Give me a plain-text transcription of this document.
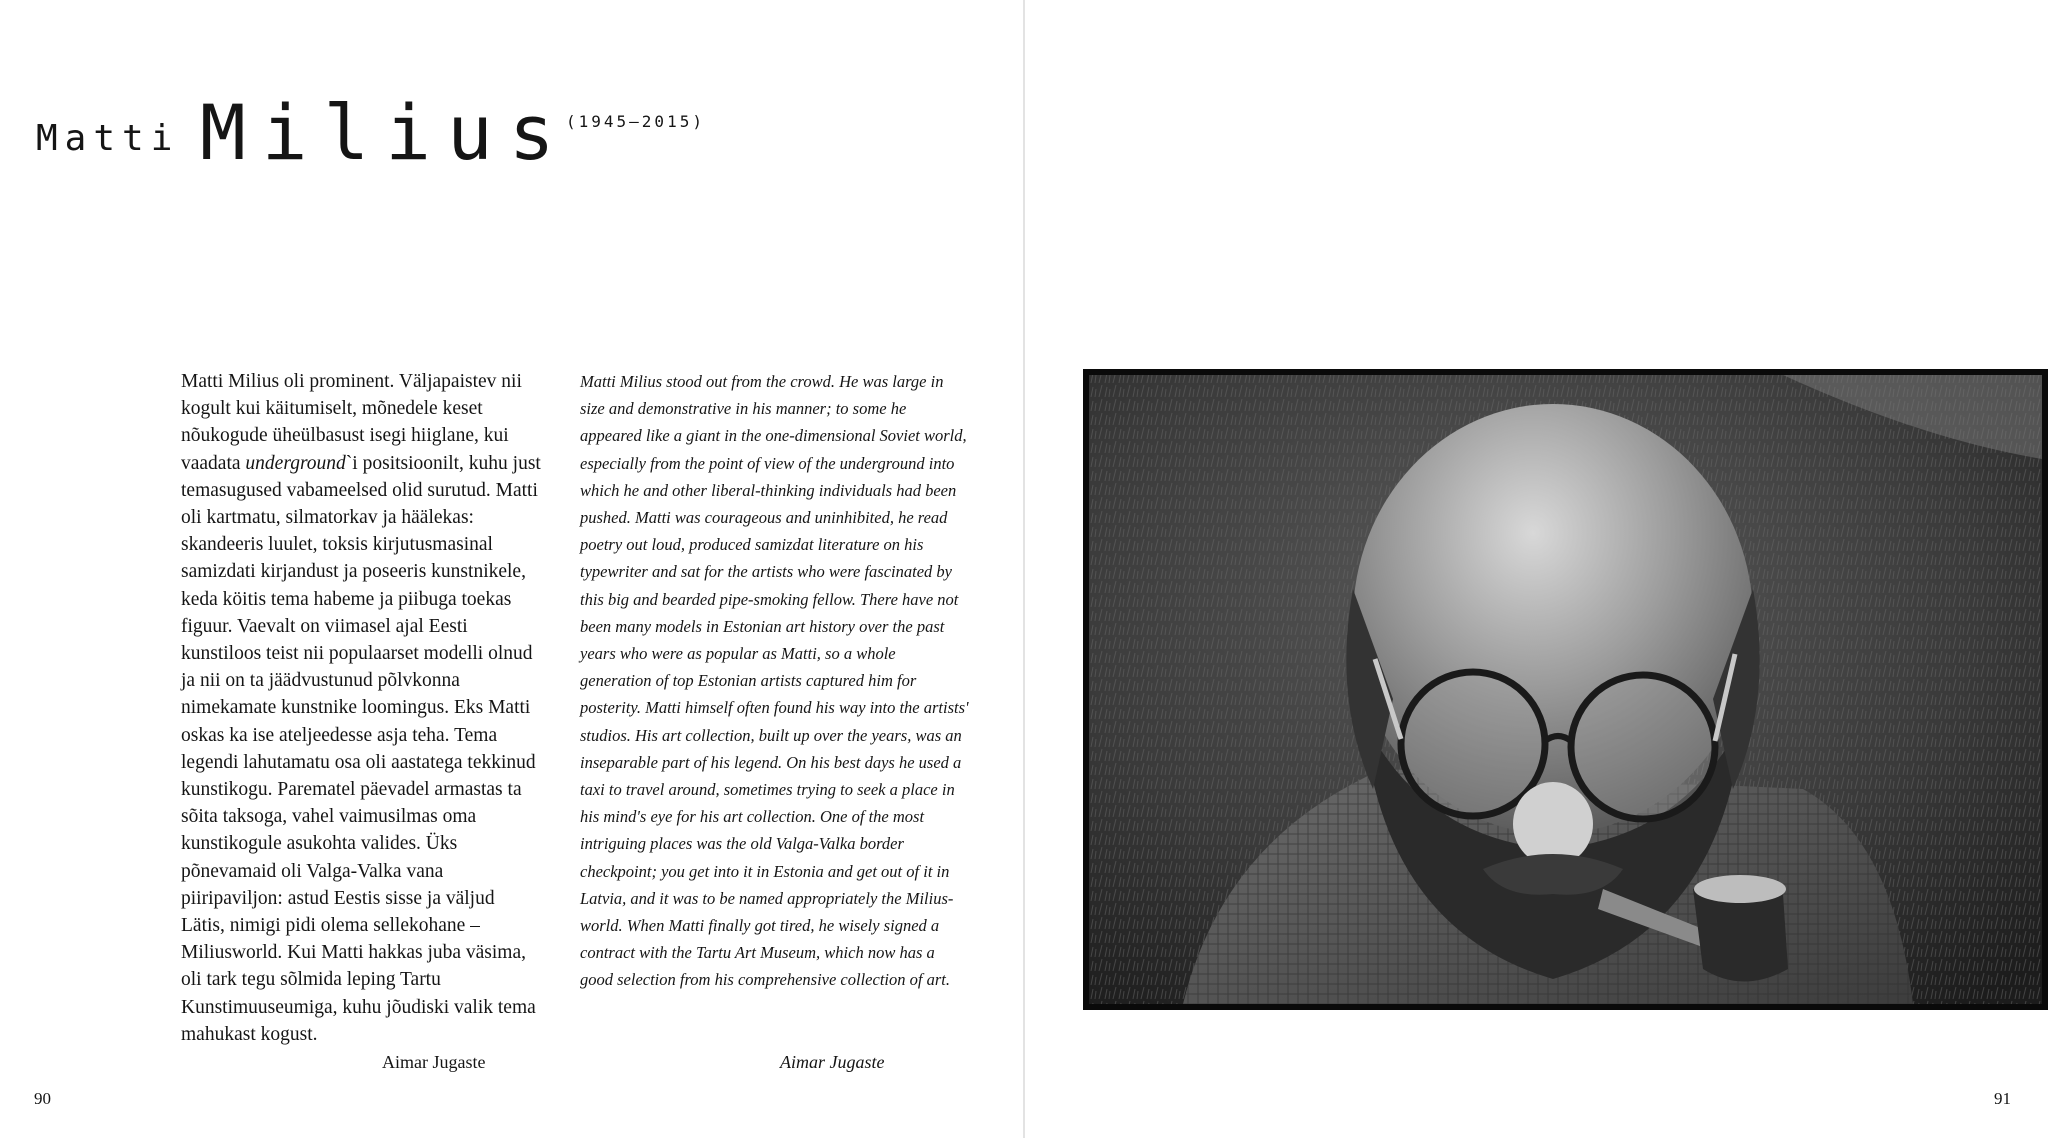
Matti Milius
(1945–2015)

Matti Milius oli prominent. Väljapaistev nii kogult kui käitumiselt, mõnedele keset nõukogude üheülbasust isegi hiiglane, kui vaadata underground`i positsioonilt, kuhu just temasugused vabameelsed olid surutud. Matti oli kartmatu, silmatorkav ja häälekas: skandeeris luulet, toksis kirjutusmasinal samizdati kirjandust ja poseeris kunstnikele, keda köitis tema habeme ja piibuga toekas figuur. Vaevalt on viimasel ajal Eesti kunstiloos teist nii populaarset modelli olnud ja nii on ta jäädvustunud põlvkonna nimekamate kunstnike loomingus. Eks Matti oskas ka ise ateljeedesse asja teha. Tema legendi lahutamatu osa oli aastatega tekkinud kunstikogu. Parematel päevadel armastas ta sõita taksoga, vahel vaimusilmas oma kunstikogule asukohta valides. Üks põnevamaid oli Valga-Valka vana piiripaviljon: astud Eestis sisse ja väljud Lätis, nimigi pidi olema sellekohane – Miliusworld. Kui Matti hakkas juba väsima, oli tark tegu sõlmida leping Tartu Kunstimuuseumiga, kuhu jõudiski valik tema mahukast kogust.

Matti Milius stood out from the crowd. He was large in size and demonstrative in his manner; to some he appeared like a giant in the one-dimensional Soviet world, especially from the point of view of the underground into which he and other liberal-thinking individuals had been pushed. Matti was courageous and uninhibited, he read poetry out loud, produced samizdat literature on his typewriter and sat for the artists who were fascinated by this big and bearded pipe-smoking fellow. There have not been many models in Estonian art history over the past years who were as popular as Matti, so a whole generation of top Estonian artists captured him for posterity. Matti himself often found his way into the artists' studios. His art collection, built up over the years, was an inseparable part of his legend. On his best days he used a taxi to travel around, sometimes trying to seek a place in his mind's eye for his art collection. One of the most intriguing places was the old Valga-Valka border checkpoint; you get into it in Estonia and get out of it in Latvia, and it was to be named appropriately the Milius-world. When Matti finally got tired, he wisely signed a contract with the Tartu Art Museum, which now has a good selection from his comprehensive collection of art.

Aimar Jugaste	Aimar Jugaste
90	91
